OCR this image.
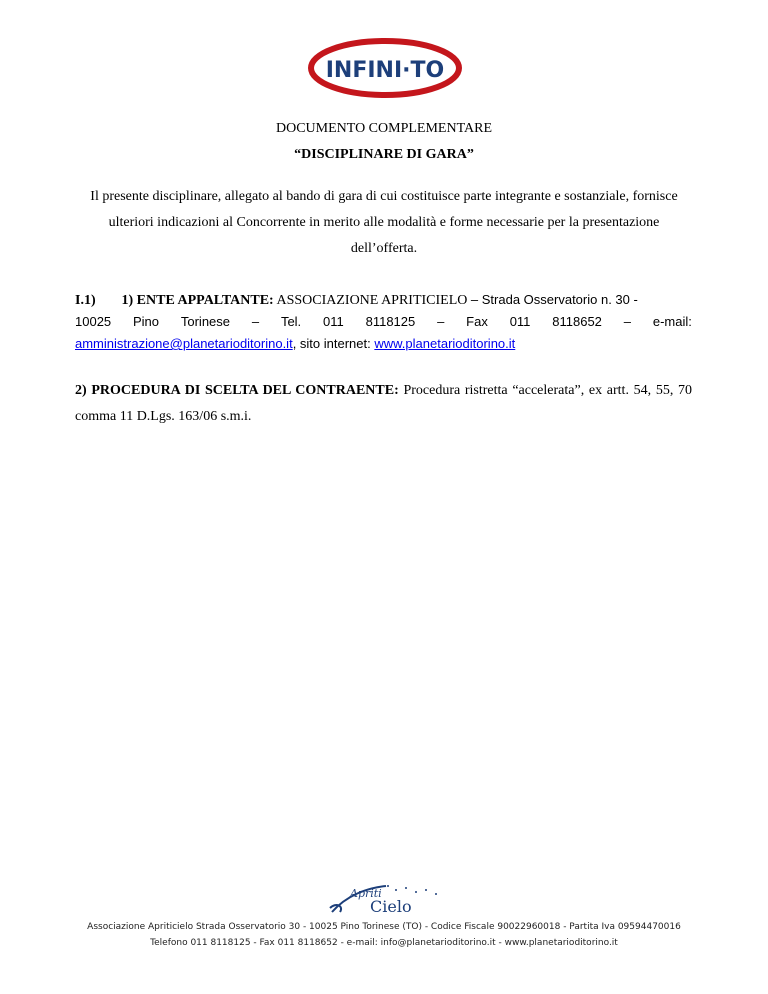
INFINI·TO
DOCUMENTO COMPLEMENTARE
“DISCIPLINARE DI GARA”
Il presente disciplinare, allegato al bando di gara di cui costituisce parte integrante e sostanziale, fornisce ulteriori indicazioni al Concorrente in merito alle modalità e forme necessarie per la presentazione dell’offerta.
I.1) 1) ENTE APPALTANTE: ASSOCIAZIONE APRITICIELO – Strada Osservatorio n. 30 -
10025 Pino Torinese – Tel. 011 8118125 – Fax 011 8118652 – e-mail:
amministrazione@planetarioditorino.it, sito internet: www.planetarioditorino.it
2) PROCEDURA DI SCELTA DEL CONTRAENTE: Procedura ristretta “accelerata”, ex artt. 54, 55, 70 comma 11 D.Lgs. 163/06 s.m.i.
Apriti
Cielo
Associazione Apriticielo Strada Osservatorio 30 - 10025 Pino Torinese (TO) - Codice Fiscale 90022960018 - Partita Iva 09594470016
Telefono 011 8118125 - Fax 011 8118652 - e-mail: info@planetarioditorino.it - www.planetarioditorino.it
